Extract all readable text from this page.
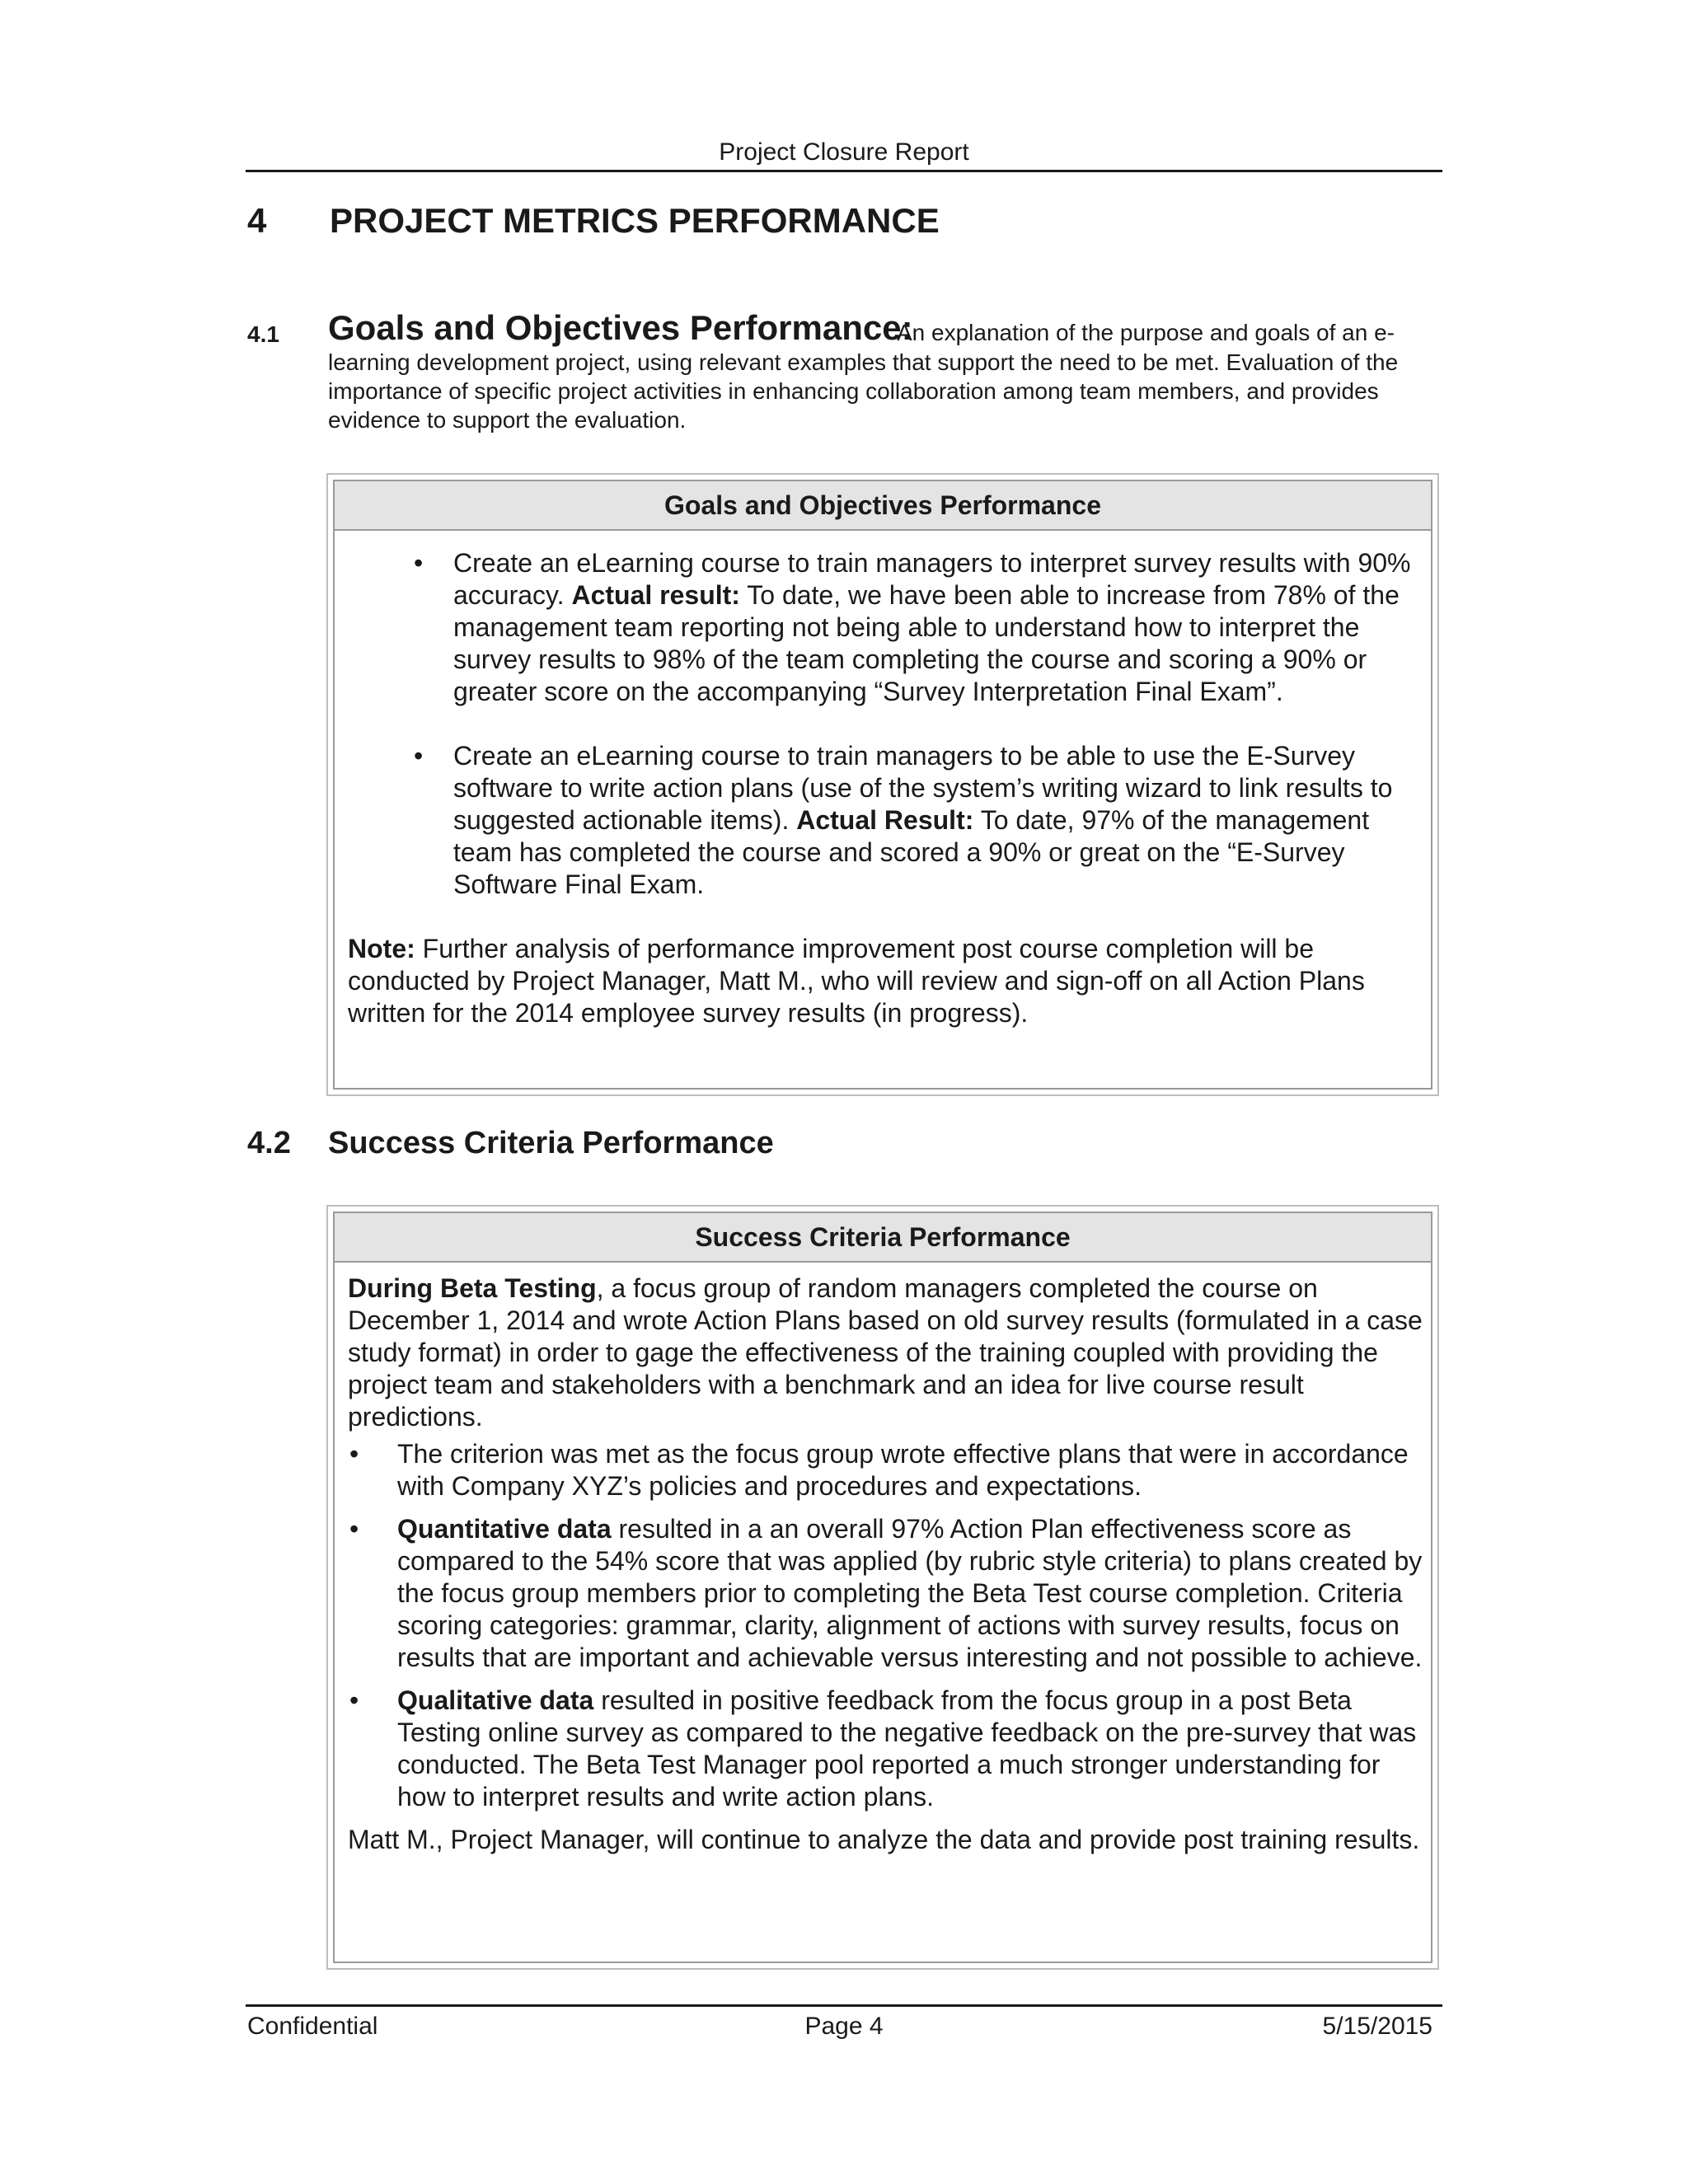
Project Closure Report
4 PROJECT METRICS PERFORMANCE
4.1 Goals and Objectives Performance:
An explanation of the purpose and goals of an e-
learning development project, using relevant examples that support the need to be met. Evaluation of the importance of specific project activities in enhancing collaboration among team members, and provides evidence to support the evaluation.
Goals and Objectives Performance
• Create an eLearning course to train managers to interpret survey results with 90% accuracy. Actual result: To date, we have been able to increase from 78% of the management team reporting not being able to understand how to interpret the survey results to 98% of the team completing the course and scoring a 90% or greater score on the accompanying “Survey Interpretation Final Exam”.
• Create an eLearning course to train managers to be able to use the E-Survey software to write action plans (use of the system’s writing wizard to link results to suggested actionable items). Actual Result: To date, 97% of the management team has completed the course and scored a 90% or great on the “E-Survey Software Final Exam.

Note: Further analysis of performance improvement post course completion will be conducted by Project Manager, Matt M., who will review and sign-off on all Action Plans written for the 2014 employee survey results (in progress).

4.2 Success Criteria Performance
Success Criteria Performance

During Beta Testing, a focus group of random managers completed the course on December 1, 2014 and wrote Action Plans based on old survey results (formulated in a case study format) in order to gage the effectiveness of the training coupled with providing the project team and stakeholders with a benchmark and an idea for live course result predictions.

• The criterion was met as the focus group wrote effective plans that were in accordance with Company XYZ’s policies and procedures and expectations.
• Quantitative data resulted in a an overall 97% Action Plan effectiveness score as compared to the 54% score that was applied (by rubric style criteria) to plans created by the focus group members prior to completing the Beta Test course completion. Criteria scoring categories: grammar, clarity, alignment of actions with survey results, focus on results that are important and achievable versus interesting and not possible to achieve.
• Qualitative data resulted in positive feedback from the focus group in a post Beta Testing online survey as compared to the negative feedback on the pre-survey that was conducted. The Beta Test Manager pool reported a much stronger understanding for how to interpret results and write action plans.

Matt M., Project Manager, will continue to analyze the data and provide post training results.

Confidential	Page 4	5/15/2015
